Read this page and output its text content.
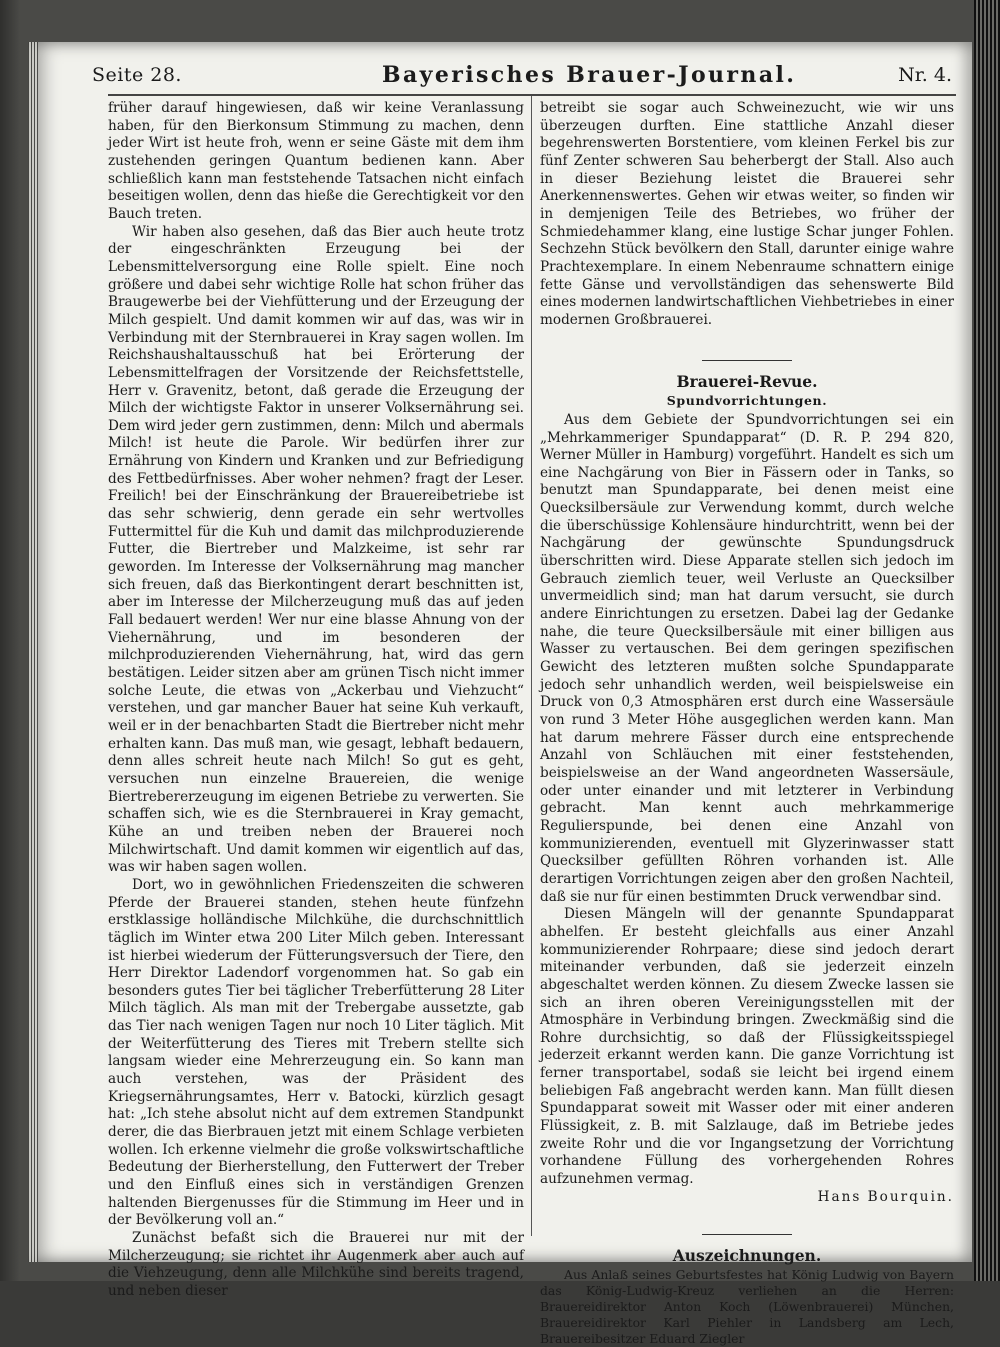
Seite 28.	Bayerisches Brauer-Journal.	Nr. 4.

früher darauf hingewiesen, daß wir keine Veranlassung haben, für den Bierkonsum Stimmung zu machen, denn jeder Wirt ist heute froh, wenn er seine Gäste mit dem ihm zustehenden geringen Quantum bedienen kann. Aber schließlich kann man feststehende Tatsachen nicht einfach beseitigen wollen, denn das hieße die Gerechtigkeit vor den Bauch treten.

Wir haben also gesehen, daß das Bier auch heute trotz der eingeschränkten Erzeugung bei der Lebensmittelversorgung eine Rolle spielt. Eine noch größere und dabei sehr wichtige Rolle hat schon früher das Braugewerbe bei der Viehfütterung und der Erzeugung der Milch gespielt. Und damit kommen wir auf das, was wir in Verbindung mit der Sternbrauerei in Kray sagen wollen. Im Reichshaushaltausschuß hat bei Erörterung der Lebensmittelfragen der Vorsitzende der Reichsfettstelle, Herr v. Gravenitz, betont, daß gerade die Erzeugung der Milch der wichtigste Faktor in unserer Volksernährung sei. Dem wird jeder gern zustimmen, denn: Milch und abermals Milch! ist heute die Parole. Wir bedürfen ihrer zur Ernährung von Kindern und Kranken und zur Befriedigung des Fettbedürfnisses. Aber woher nehmen? fragt der Leser. Freilich! bei der Einschränkung der Brauereibetriebe ist das sehr schwierig, denn gerade ein sehr wertvolles Futtermittel für die Kuh und damit das milchproduzierende Futter, die Biertreber und Malzkeime, ist sehr rar geworden. Im Interesse der Volksernährung mag mancher sich freuen, daß das Bierkontingent derart beschnitten ist, aber im Interesse der Milcherzeugung muß das auf jeden Fall bedauert werden! Wer nur eine blasse Ahnung von der Viehernährung, und im besonderen der milchproduzierenden Viehernährung, hat, wird das gern bestätigen. Leider sitzen aber am grünen Tisch nicht immer solche Leute, die etwas von „Ackerbau und Viehzucht“ verstehen, und gar mancher Bauer hat seine Kuh verkauft, weil er in der benachbarten Stadt die Biertreber nicht mehr erhalten kann. Das muß man, wie gesagt, lebhaft bedauern, denn alles schreit heute nach Milch! So gut es geht, versuchen nun einzelne Brauereien, die wenige Biertrebererzeugung im eigenen Betriebe zu verwerten. Sie schaffen sich, wie es die Sternbrauerei in Kray gemacht, Kühe an und treiben neben der Brauerei noch Milchwirtschaft. Und damit kommen wir eigentlich auf das, was wir haben sagen wollen.

Dort, wo in gewöhnlichen Friedenszeiten die schweren Pferde der Brauerei standen, stehen heute fünfzehn erstklassige holländische Milchkühe, die durchschnittlich täglich im Winter etwa 200 Liter Milch geben. Interessant ist hierbei wiederum der Fütterungsversuch der Tiere, den Herr Direktor Ladendorf vorgenommen hat. So gab ein besonders gutes Tier bei täglicher Treberfütterung 28 Liter Milch täglich. Als man mit der Trebergabe aussetzte, gab das Tier nach wenigen Tagen nur noch 10 Liter täglich. Mit der Weiterfütterung des Tieres mit Trebern stellte sich langsam wieder eine Mehrerzeugung ein. So kann man auch verstehen, was der Präsident des Kriegsernährungsamtes, Herr v. Batocki, kürzlich gesagt hat: „Ich stehe absolut nicht auf dem extremen Standpunkt derer, die das Bierbrauen jetzt mit einem Schlage verbieten wollen. Ich erkenne vielmehr die große volkswirtschaftliche Bedeutung der Bierherstellung, den Futterwert der Treber und den Einfluß eines sich in verständigen Grenzen haltenden Biergenusses für die Stimmung im Heer und in der Bevölkerung voll an.“

Zunächst befaßt sich die Brauerei nur mit der Milcherzeugung; sie richtet ihr Augenmerk aber auch auf die Viehzeugung, denn alle Milchkühe sind bereits tragend, und neben dieser

betreibt sie sogar auch Schweinezucht, wie wir uns überzeugen durften. Eine stattliche Anzahl dieser begehrenswerten Borstentiere, vom kleinen Ferkel bis zur fünf Zenter schweren Sau beherbergt der Stall. Also auch in dieser Beziehung leistet die Brauerei sehr Anerkennenswertes. Gehen wir etwas weiter, so finden wir in demjenigen Teile des Betriebes, wo früher der Schmiedehammer klang, eine lustige Schar junger Fohlen. Sechzehn Stück bevölkern den Stall, darunter einige wahre Prachtexemplare. In einem Nebenraume schnattern einige fette Gänse und vervollständigen das sehenswerte Bild eines modernen landwirtschaftlichen Viehbetriebes in einer modernen Großbrauerei.

Brauerei-Revue.
Spundvorrichtungen.

Aus dem Gebiete der Spundvorrichtungen sei ein „Mehrkammeriger Spundapparat“ (D. R. P. 294 820, Werner Müller in Hamburg) vorgeführt. Handelt es sich um eine Nachgärung von Bier in Fässern oder in Tanks, so benutzt man Spundapparate, bei denen meist eine Quecksilbersäule zur Verwendung kommt, durch welche die überschüssige Kohlensäure hindurchtritt, wenn bei der Nachgärung der gewünschte Spundungsdruck überschritten wird. Diese Apparate stellen sich jedoch im Gebrauch ziemlich teuer, weil Verluste an Quecksilber unvermeidlich sind; man hat darum versucht, sie durch andere Einrichtungen zu ersetzen. Dabei lag der Gedanke nahe, die teure Quecksilbersäule mit einer billigen aus Wasser zu vertauschen. Bei dem geringen spezifischen Gewicht des letzteren mußten solche Spundapparate jedoch sehr unhandlich werden, weil beispielsweise ein Druck von 0,3 Atmosphären erst durch eine Wassersäule von rund 3 Meter Höhe ausgeglichen werden kann. Man hat darum mehrere Fässer durch eine entsprechende Anzahl von Schläuchen mit einer feststehenden, beispielsweise an der Wand angeordneten Wassersäule, oder unter einander und mit letzterer in Verbindung gebracht. Man kennt auch mehrkammerige Regulierspunde, bei denen eine Anzahl von kommunizierenden, eventuell mit Glyzerinwasser statt Quecksilber gefüllten Röhren vorhanden ist. Alle derartigen Vorrichtungen zeigen aber den großen Nachteil, daß sie nur für einen bestimmten Druck verwendbar sind.

Diesen Mängeln will der genannte Spundapparat abhelfen. Er besteht gleichfalls aus einer Anzahl kommunizierender Rohrpaare; diese sind jedoch derart miteinander verbunden, daß sie jederzeit einzeln abgeschaltet werden können. Zu diesem Zwecke lassen sie sich an ihren oberen Vereinigungsstellen mit der Atmosphäre in Verbindung bringen. Zweckmäßig sind die Rohre durchsichtig, so daß der Flüssigkeitsspiegel jederzeit erkannt werden kann. Die ganze Vorrichtung ist ferner transportabel, sodaß sie leicht bei irgend einem beliebigen Faß angebracht werden kann. Man füllt diesen Spundapparat soweit mit Wasser oder mit einer anderen Flüssigkeit, z. B. mit Salzlauge, daß im Betriebe jedes zweite Rohr und die vor Ingangsetzung der Vorrichtung vorhandene Füllung des vorhergehenden Rohres aufzunehmen vermag.

Hans Bourquin.

Auszeichnungen.

Aus Anlaß seines Geburtsfestes hat König Ludwig von Bayern das König-Ludwig-Kreuz verliehen an die Herren: Brauereidirektor Anton Koch (Löwenbrauerei) München, Brauereidirektor Karl Piehler in Landsberg am Lech, Brauereibesitzer Eduard Ziegler
